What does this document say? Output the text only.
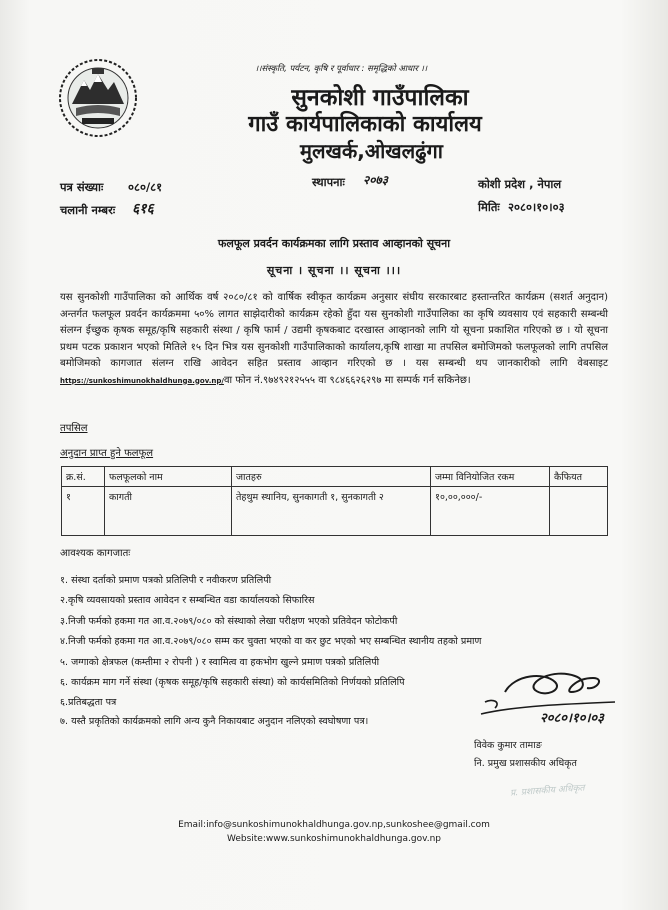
।।संस्कृति, पर्यटन, कृषि र पूर्वाधार : समृद्धिको आधार ।।
सुनकोशी गाउँपालिका
गाउँ कार्यपालिकाको कार्यालय
मुलखर्क,ओखलढुंगा
पत्र संख्याः ०८०/८१
चलानी नम्बरः ६१६
स्थापनाः २०७३	कोशी प्रदेश , नेपाल
मितिः २०८०।१०।०३
फलफूल प्रवर्दन कार्यक्रमका लागि प्रस्ताव आव्हानको सूचना
सूचना । सूचना ।। सूचना ।।।
यस सुनकोशी गाउँपालिका को आर्थिक वर्ष २०८०/८१ को वार्षिक स्वीकृत कार्यक्रम अनुसार संघीय सरकारबाट हस्तान्तरित कार्यक्रम (सशर्त अनुदान) अन्तर्गत फलफूल प्रवर्दन कार्यक्रममा ५०% लागत साझेदारीको कार्यक्रम रहेको हुँदा यस सुनकोशी गाउँपालिका का कृषि व्यवसाय एवं सहकारी सम्बन्धी संलग्न ईच्छुक कृषक समूह/कृषि सहकारी संस्था / कृषि फार्म / उद्यमी कृषकबाट दरखास्त आव्हानको लागि यो सूचना प्रकाशित गरिएको छ । यो सूचना प्रथम पटक प्रकाशन भएको मितिले १५ दिन भित्र यस सुनकोशी गाउँपालिकाको कार्यालय,कृषि शाखा मा तपसिल बमोजिमको फलफूलको लागि तपसिल बमोजिमको कागजात संलग्न राखि आवेदन सहित प्रस्ताव आव्हान गरिएको छ । यस सम्बन्धी थप जानकारीको लागि वेबसाइट https://sunkoshimunokhaldhunga.gov.np/वा फोन नं.९७४९२१२५५५ वा ९८४६६२६२९७ मा सम्पर्क गर्न सकिनेछ।
तपसिल
अनुदान प्राप्त हुने फलफूल
क्र.सं.	फलफूलको नाम	जातहरु	जम्मा विनियोजित रकम	कैफियत
१	कागती	तेहथुम स्थानिय, सुनकागती १, सुनकागती २	१०,००,०००/-	
आवश्यक कागजातः
१. संस्था दर्ताको प्रमाण पत्रको प्रतिलिपी र नवीकरण प्रतिलिपी
२.कृषि व्यवसायको प्रस्ताव आवेदन र सम्बन्धित वडा कार्यालयको सिफारिस
३.निजी फर्मको हकमा गत आ.व.२०७९/०८० को संस्थाको लेखा परीक्षण भएको प्रतिवेदन फोटोकपी
४.निजी फर्मको हकमा गत आ.व.२०७९/०८० सम्म कर चुक्ता भएको वा कर छुट भएको भए सम्बन्धित स्थानीय तहको प्रमाण
५. जग्गाको क्षेत्रफल (कम्तीमा २ रोपनी ) र स्वामित्व वा हकभोग खुल्ने प्रमाण पत्रको प्रतिलिपी
६. कार्यक्रम माग गर्ने संस्था (कृषक समूह/कृषि सहकारी संस्था) को कार्यसमितिको निर्णयको प्रतिलिपि
६.प्रतिबद्धता पत्र
७. यस्तै प्रकृतिको कार्यक्रमको लागि अन्य कुनै निकायबाट अनुदान नलिएको स्वघोषणा पत्र।	२०८०।१०।०३
विवेक कुमार तामाङ
नि. प्रमुख प्रशासकीय अधिकृत
प्र. प्रशासकीय अधिकृत
Email:info@sunkoshimunokhaldhunga.gov.np,sunkoshee@gmail.com
Website:www.sunkoshimunokhaldhunga.gov.np
